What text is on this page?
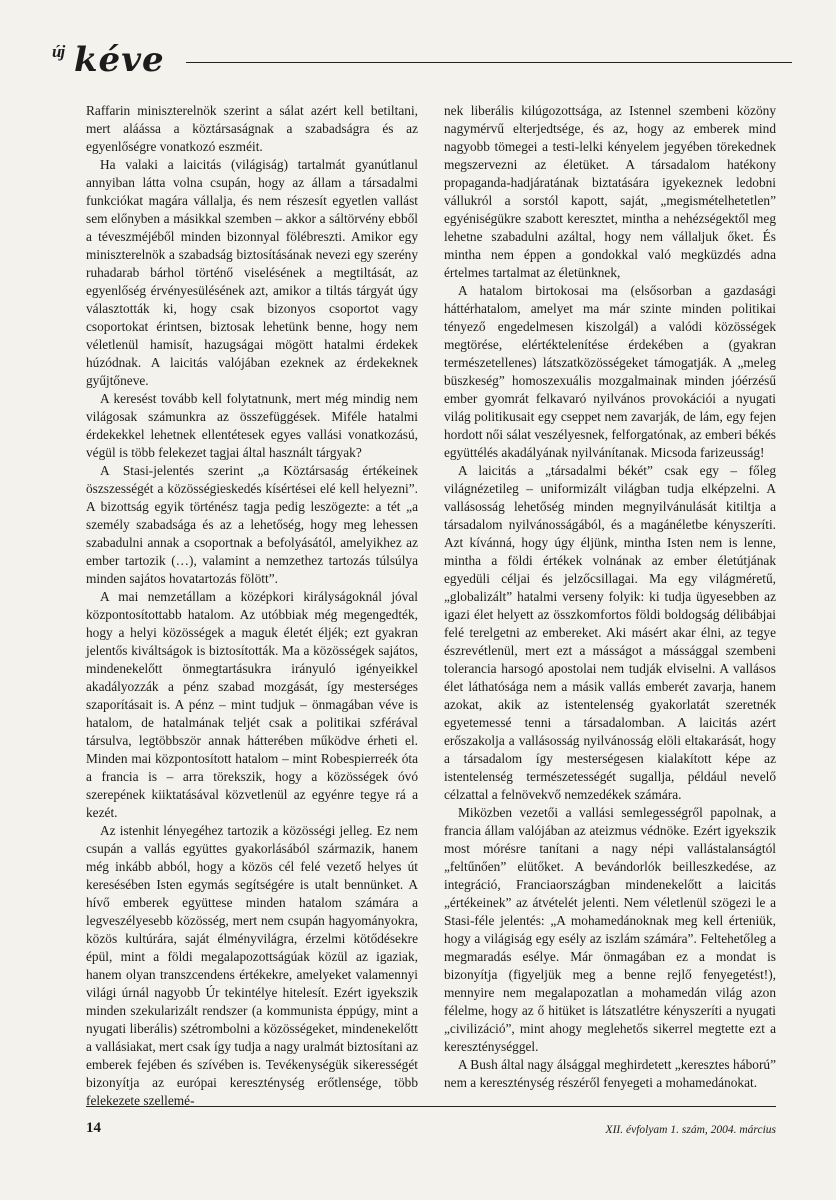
új kéve

Raffarin miniszterelnök szerint a sálat azért kell betiltani, mert aláássa a köztársaságnak a szabadságra és az egyenlőségre vonatkozó eszméit.

Ha valaki a laicitás (világiság) tartalmát gyanútlanul annyiban látta volna csupán, hogy az állam a társadalmi funkciókat magára vállalja, és nem részesít egyetlen vallást sem előnyben a másikkal szemben – akkor a sáltörvény ebből a téveszméjéből minden bizonnyal fölébreszti. Amikor egy miniszterelnök a szabadság biztosításának nevezi egy szerény ruhadarab bárhol történő viselésének a megtiltását, az egyenlőség érvényesülésének azt, amikor a tiltás tárgyát úgy választották ki, hogy csak bizonyos csoportot vagy csoportokat érintsen, biztosak lehetünk benne, hogy nem véletlenül hamisít, hazugságai mögött hatalmi érdekek húzódnak. A laicitás valójában ezeknek az érdekeknek gyűjtőneve.

A keresést tovább kell folytatnunk, mert még mindig nem világosak számunkra az összefüggések. Miféle hatalmi érdekekkel lehetnek ellentétesek egyes vallási vonatkozású, végül is több felekezet tagjai által használt tárgyak?

A Stasi-jelentés szerint „a Köztársaság értékeinek öszszességét a közösségieskedés kísértései elé kell helyezni”. A bizottság egyik történész tagja pedig leszögezte: a tét „a személy szabadsága és az a lehetőség, hogy meg lehessen szabadulni annak a csoportnak a befolyásától, amelyikhez az ember tartozik (…), valamint a nemzethez tartozás túlsúlya minden sajátos hovatartozás fölött”.

A mai nemzetállam a középkori királyságoknál jóval központosítottabb hatalom. Az utóbbiak még megengedték, hogy a helyi közösségek a maguk életét éljék; ezt gyakran jelentős kiváltságok is biztosították. Ma a közösségek sajátos, mindenekelőtt önmegtartásukra irányuló igényeikkel akadályozzák a pénz szabad mozgását, így mesterséges szaporításait is. A pénz – mint tudjuk – önmagában véve is hatalom, de hatalmának teljét csak a politikai szférával társulva, legtöbbször annak hátterében működve érheti el. Minden mai központosított hatalom – mint Robespierreék óta a francia is – arra törekszik, hogy a közösségek óvó szerepének kiiktatásával közvetlenül az egyénre tegye rá a kezét.

Az istenhit lényegéhez tartozik a közösségi jelleg. Ez nem csupán a vallás együttes gyakorlásából származik, hanem még inkább abból, hogy a közös cél felé vezető helyes út keresésében Isten egymás segítségére is utalt bennünket. A hívő emberek együttese minden hatalom számára a legveszélyesebb közösség, mert nem csupán hagyományokra, közös kultúrára, saját élményvilágra, érzelmi kötődésekre épül, mint a földi megalapozottságúak közül az igaziak, hanem olyan transzcendens értékekre, amelyeket valamennyi világi úrnál nagyobb Úr tekintélye hitelesít. Ezért igyekszik minden szekularizált rendszer (a kommunista éppúgy, mint a nyugati liberális) szétrombolni a közösségeket, mindenekelőtt a vallásiakat, mert csak így tudja a nagy uralmát biztosítani az emberek fejében és szívében is. Tevékenységük sikerességét bizonyítja az európai kereszténység erőtlensége, több felekezete szellemé-

nek liberális kilúgozottsága, az Istennel szembeni közöny nagymérvű elterjedtsége, és az, hogy az emberek mind nagyobb tömegei a testi-lelki kényelem jegyében törekednek megszervezni az életüket. A társadalom hatékony propaganda-hadjáratának biztatására igyekeznek ledobni vállukról a sorstól kapott, saját, „megismételhetetlen” egyéniségükre szabott keresztet, mintha a nehézségektől meg lehetne szabadulni azáltal, hogy nem vállaljuk őket. És mintha nem éppen a gondokkal való megküzdés adna értelmes tartalmat az életünknek,

A hatalom birtokosai ma (elsősorban a gazdasági háttérhatalom, amelyet ma már szinte minden politikai tényező engedelmesen kiszolgál) a valódi közösségek megtörése, elértéktelenítése érdekében a (gyakran természetellenes) látszatközösségeket támogatják. A „meleg büszkeség” homoszexuális mozgalmainak minden jóérzésű ember gyomrát felkavaró nyilvános provokációi a nyugati világ politikusait egy cseppet nem zavarják, de lám, egy fejen hordott női sálat veszélyesnek, felforgatónak, az emberi békés együttélés akadályának nyilvánítanak. Micsoda farizeusság!

A laicitás a „társadalmi békét” csak egy – főleg világnézetileg – uniformizált világban tudja elképzelni. A vallásosság lehetőség minden megnyilvánulását kitiltja a társadalom nyilvánosságából, és a magánéletbe kényszeríti. Azt kívánná, hogy úgy éljünk, mintha Isten nem is lenne, mintha a földi értékek volnának az ember életútjának egyedüli céljai és jelzőcsillagai. Ma egy világméretű, „globalizált” hatalmi verseny folyik: ki tudja ügyesebben az igazi élet helyett az összkomfortos földi boldogság délibábjai felé terelgetni az embereket. Aki másért akar élni, az tegye észrevétlenül, mert ezt a másságot a mássággal szembeni tolerancia harsogó apostolai nem tudják elviselni. A vallásos élet láthatósága nem a másik vallás emberét zavarja, hanem azokat, akik az istentelenség gyakorlatát szeretnék egyetemessé tenni a társadalomban. A laicitás azért erőszakolja a vallásosság nyilvánosság elöli eltakarását, hogy a társadalom így mesterségesen kialakított képe az istentelenség természetességét sugallja, például nevelő célzattal a felnövekvő nemzedékek számára.

Miközben vezetői a vallási semlegességről papolnak, a francia állam valójában az ateizmus védnöke. Ezért igyekszik most mórésre tanítani a nagy népi vallástalanságtól „feltűnően” elütőket. A bevándorlók beilleszkedése, az integráció, Franciaországban mindenekelőtt a laicitás „értékeinek” az átvételét jelenti. Nem véletlenül szögezi le a Stasi-féle jelentés: „A mohamedánoknak meg kell érteniük, hogy a világiság egy esély az iszlám számára”. Feltehetőleg a megmaradás esélye. Már önmagában ez a mondat is bizonyítja (figyeljük meg a benne rejlő fenyegetést!), mennyire nem megalapozatlan a mohamedán világ azon félelme, hogy az ő hitüket is látszatlétre kényszeríti a nyugati „civilizáció”, mint ahogy meglehetős sikerrel megtette ezt a kereszténységgel.

A Bush által nagy álsággal meghirdetett „keresztes háború” nem a kereszténység részéről fenyegeti a mohamedánokat.

14	XII. évfolyam 1. szám, 2004. március
